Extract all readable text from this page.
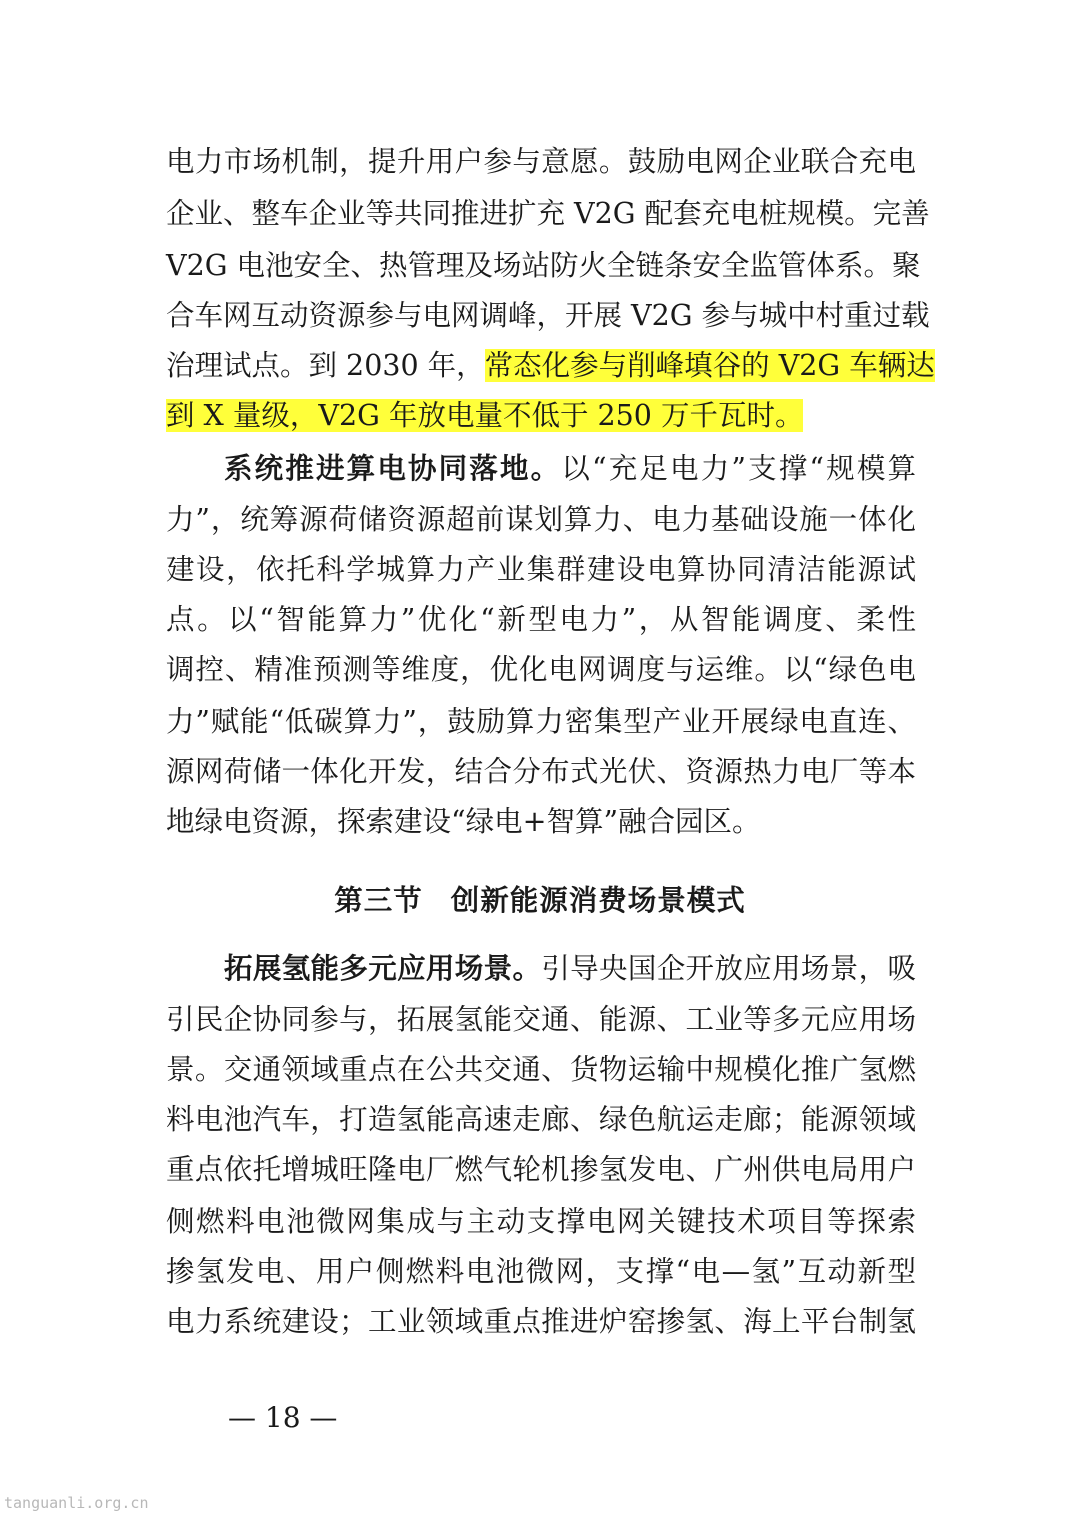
电力市场机制，提升用户参与意愿。鼓励电网企业联合充电
企业、整车企业等共同推进扩充 V2G 配套充电桩规模。完善
V2G 电池安全、热管理及场站防火全链条安全监管体系。聚
合车网互动资源参与电网调峰，开展 V2G 参与城中村重过载
治理试点。到 2030 年，常态化参与削峰填谷的 V2G 车辆达
到 X 量级，V2G 年放电量不低于 250 万千瓦时。
系统推进算电协同落地。以“充足电力”支撑“规模算
力”，统筹源荷储资源超前谋划算力、电力基础设施一体化
建设，依托科学城算力产业集群建设电算协同清洁能源试
点。以“智能算力”优化“新型电力”，从智能调度、柔性
调控、精准预测等维度，优化电网调度与运维。以“绿色电
力”赋能“低碳算力”，鼓励算力密集型产业开展绿电直连、
源网荷储一体化开发，结合分布式光伏、资源热力电厂等本
地绿电资源，探索建设“绿电+智算”融合园区。
第三节 创新能源消费场景模式
拓展氢能多元应用场景。引导央国企开放应用场景，吸
引民企协同参与，拓展氢能交通、能源、工业等多元应用场
景。交通领域重点在公共交通、货物运输中规模化推广氢燃
料电池汽车，打造氢能高速走廊、绿色航运走廊；能源领域
重点依托增城旺隆电厂燃气轮机掺氢发电、广州供电局用户
侧燃料电池微网集成与主动支撑电网关键技术项目等探索
掺氢发电、用户侧燃料电池微网，支撑“电—氢”互动新型
电力系统建设；工业领域重点推进炉窑掺氢、海上平台制氢
— 18 —
tanguanli.org.cn
